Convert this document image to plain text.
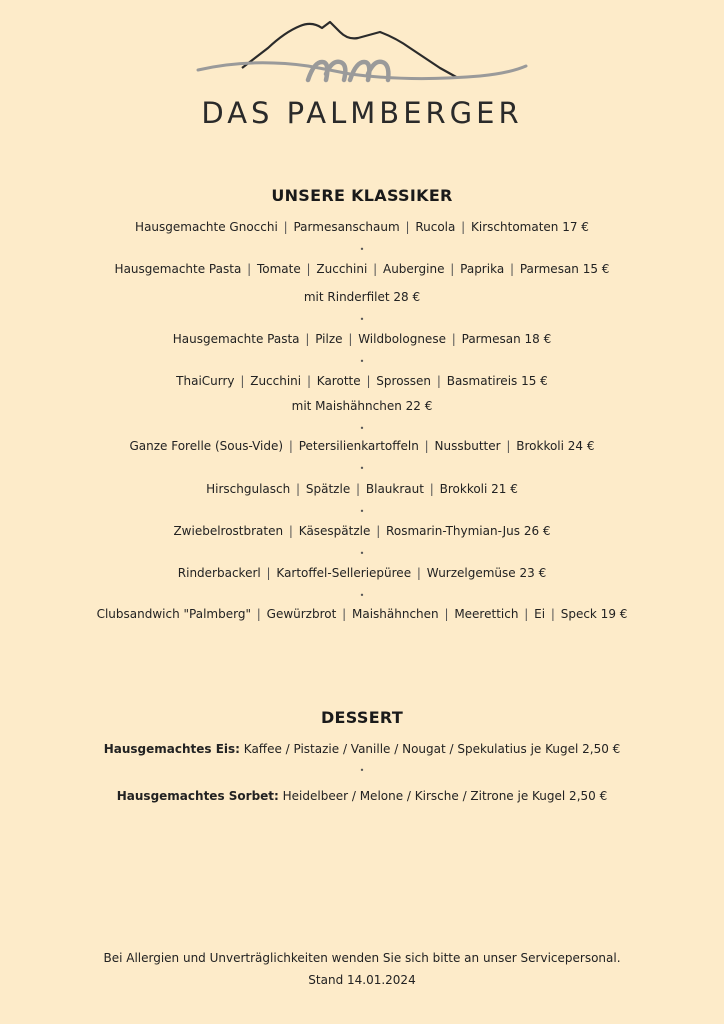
DAS PALMBERGER
UNSERE KLASSIKER
Hausgemachte Gnocchi | Parmesanschaum | Rucola | Kirschtomaten 17 €
•
Hausgemachte Pasta | Tomate | Zucchini | Aubergine | Paprika | Parmesan 15 €
mit Rinderfilet 28 €
•
Hausgemachte Pasta | Pilze | Wildbolognese | Parmesan 18 €
•
ThaiCurry | Zucchini | Karotte | Sprossen | Basmatireis 15 €
mit Maishähnchen 22 €
•
Ganze Forelle (Sous-Vide) | Petersilienkartoffeln | Nussbutter | Brokkoli 24 €
•
Hirschgulasch | Spätzle | Blaukraut | Brokkoli 21 €
•
Zwiebelrostbraten | Käsespätzle | Rosmarin-Thymian-Jus 26 €
•
Rinderbackerl | Kartoffel-Selleriepüree | Wurzelgemüse 23 €
•
Clubsandwich "Palmberg" | Gewürzbrot | Maishähnchen | Meerettich | Ei | Speck 19 €
DESSERT
Hausgemachtes Eis: Kaffee / Pistazie / Vanille / Nougat / Spekulatius je Kugel 2,50 €
•
Hausgemachtes Sorbet: Heidelbeer / Melone / Kirsche / Zitrone je Kugel 2,50 €
Bei Allergien und Unverträglichkeiten wenden Sie sich bitte an unser Servicepersonal.
Stand 14.01.2024
